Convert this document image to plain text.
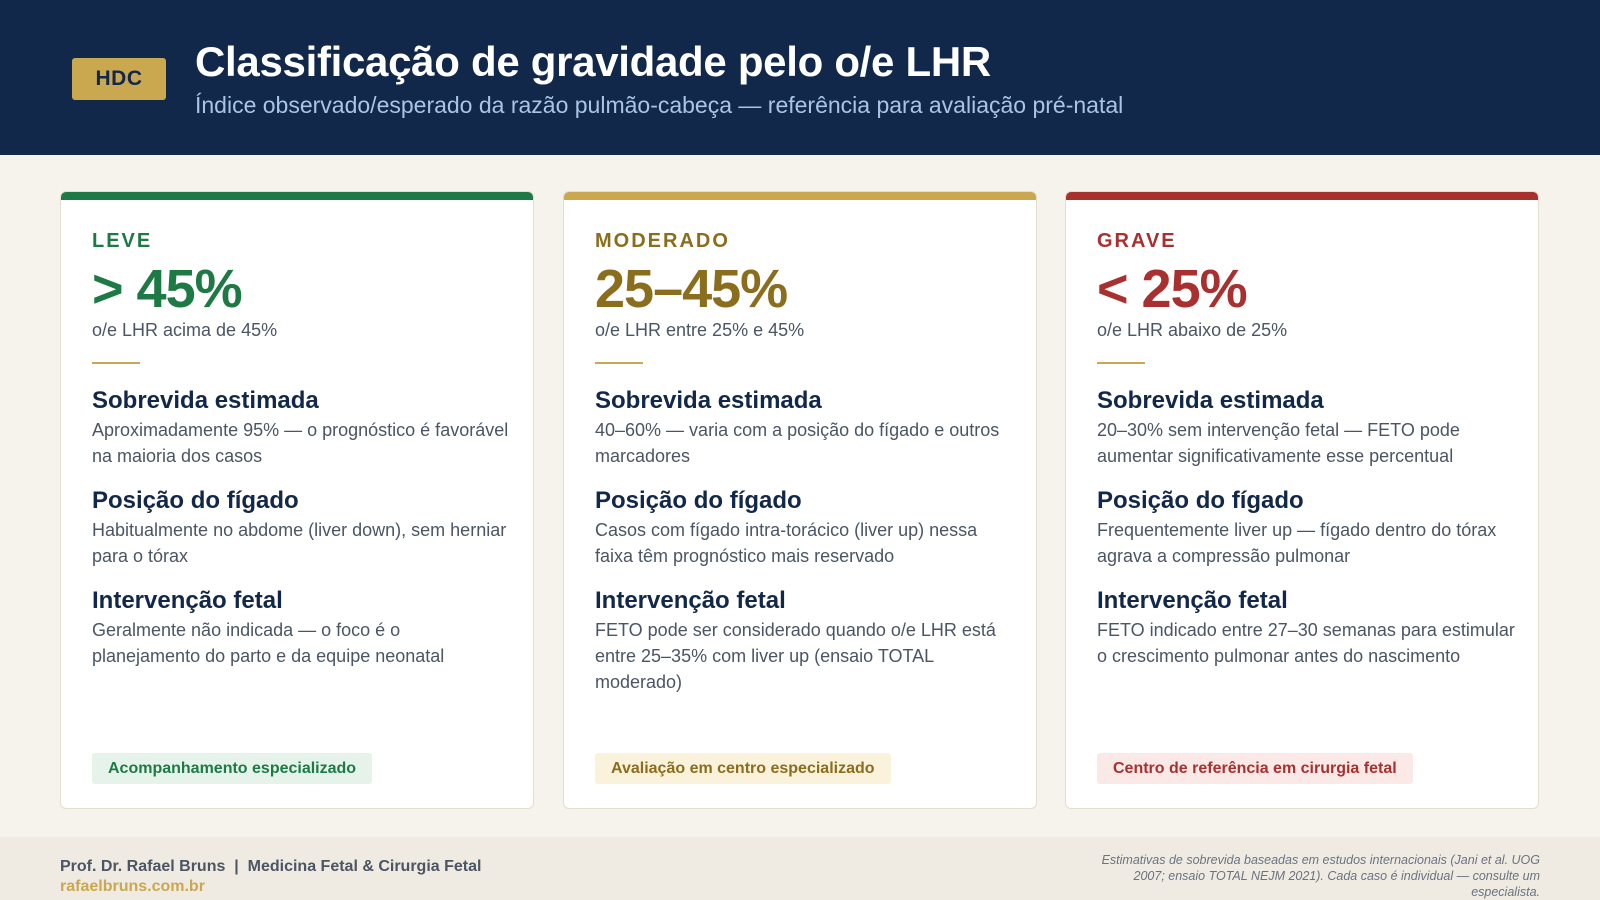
HDC	Classificação de gravidade pelo o/e LHR
Índice observado/esperado da razão pulmão-cabeça — referência para avaliação pré-natal
LEVE
> 45%
o/e LHR acima de 45%
Sobrevida estimada
Aproximadamente 95% — o prognóstico é favorável na maioria dos casos
Posição do fígado
Habitualmente no abdome (liver down), sem herniar para o tórax
Intervenção fetal
Geralmente não indicada — o foco é o planejamento do parto e da equipe neonatal
Acompanhamento especializado
MODERADO
25–45%
o/e LHR entre 25% e 45%
Sobrevida estimada
40–60% — varia com a posição do fígado e outros marcadores
Posição do fígado
Casos com fígado intra-torácico (liver up) nessa faixa têm prognóstico mais reservado
Intervenção fetal
FETO pode ser considerado quando o/e LHR está entre 25–35% com liver up (ensaio TOTAL moderado)
Avaliação em centro especializado
GRAVE
< 25%
o/e LHR abaixo de 25%
Sobrevida estimada
20–30% sem intervenção fetal — FETO pode aumentar significativamente esse percentual
Posição do fígado
Frequentemente liver up — fígado dentro do tórax agrava a compressão pulmonar
Intervenção fetal
FETO indicado entre 27–30 semanas para estimular o crescimento pulmonar antes do nascimento
Centro de referência em cirurgia fetal
Prof. Dr. Rafael Bruns  |  Medicina Fetal & Cirurgia Fetal
rafaelbruns.com.br
Estimativas de sobrevida baseadas em estudos internacionais (Jani et al. UOG 2007; ensaio TOTAL NEJM 2021). Cada caso é individual — consulte um especialista.
